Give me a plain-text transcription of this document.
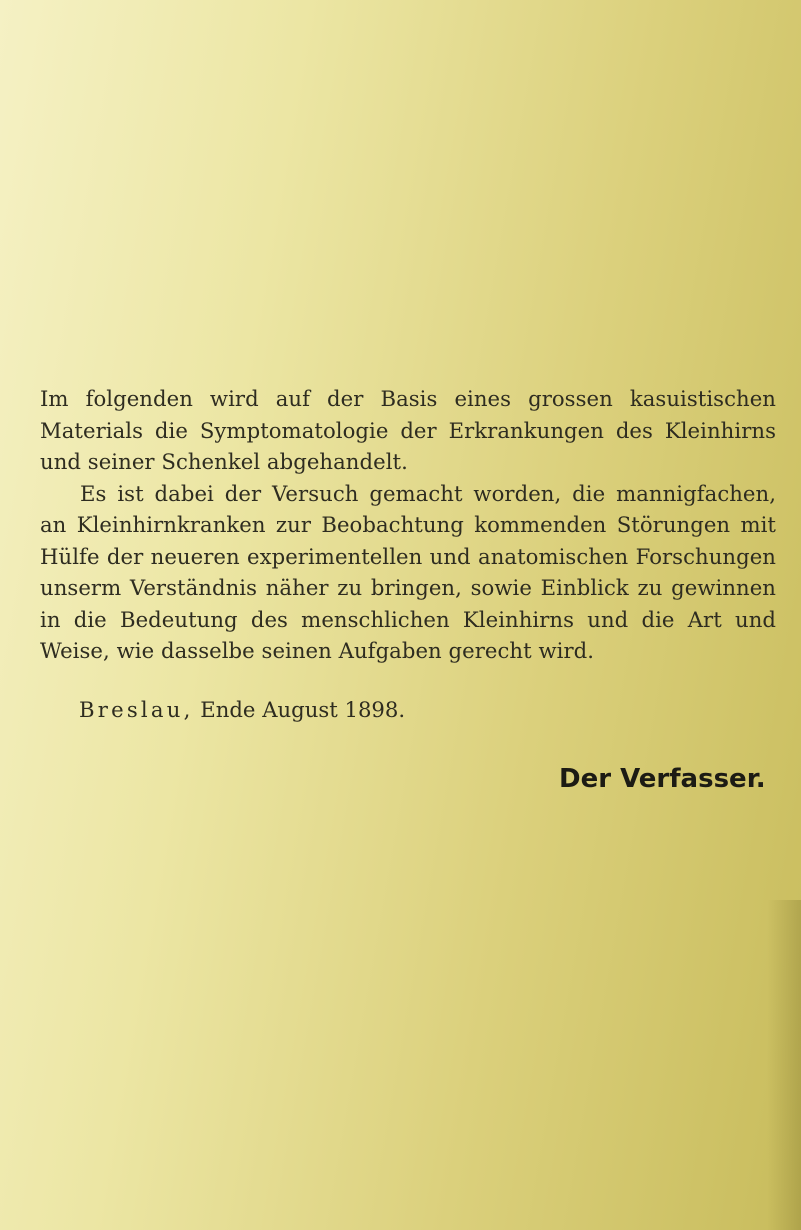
Im folgenden wird auf der Basis eines grossen kasuistischen Materials die Symptomatologie der Erkrankungen des Kleinhirns und seiner Schenkel abgehandelt.

Es ist dabei der Versuch gemacht worden, die mannigfachen, an Kleinhirnkranken zur Beobachtung kommenden Störungen mit Hülfe der neueren experimentellen und anatomischen Forschungen unserm Verständnis näher zu bringen, sowie Einblick zu gewinnen in die Bedeutung des menschlichen Kleinhirns und die Art und Weise, wie dasselbe seinen Aufgaben gerecht wird.

Breslau, Ende August 1898.

Der Verfasser.
